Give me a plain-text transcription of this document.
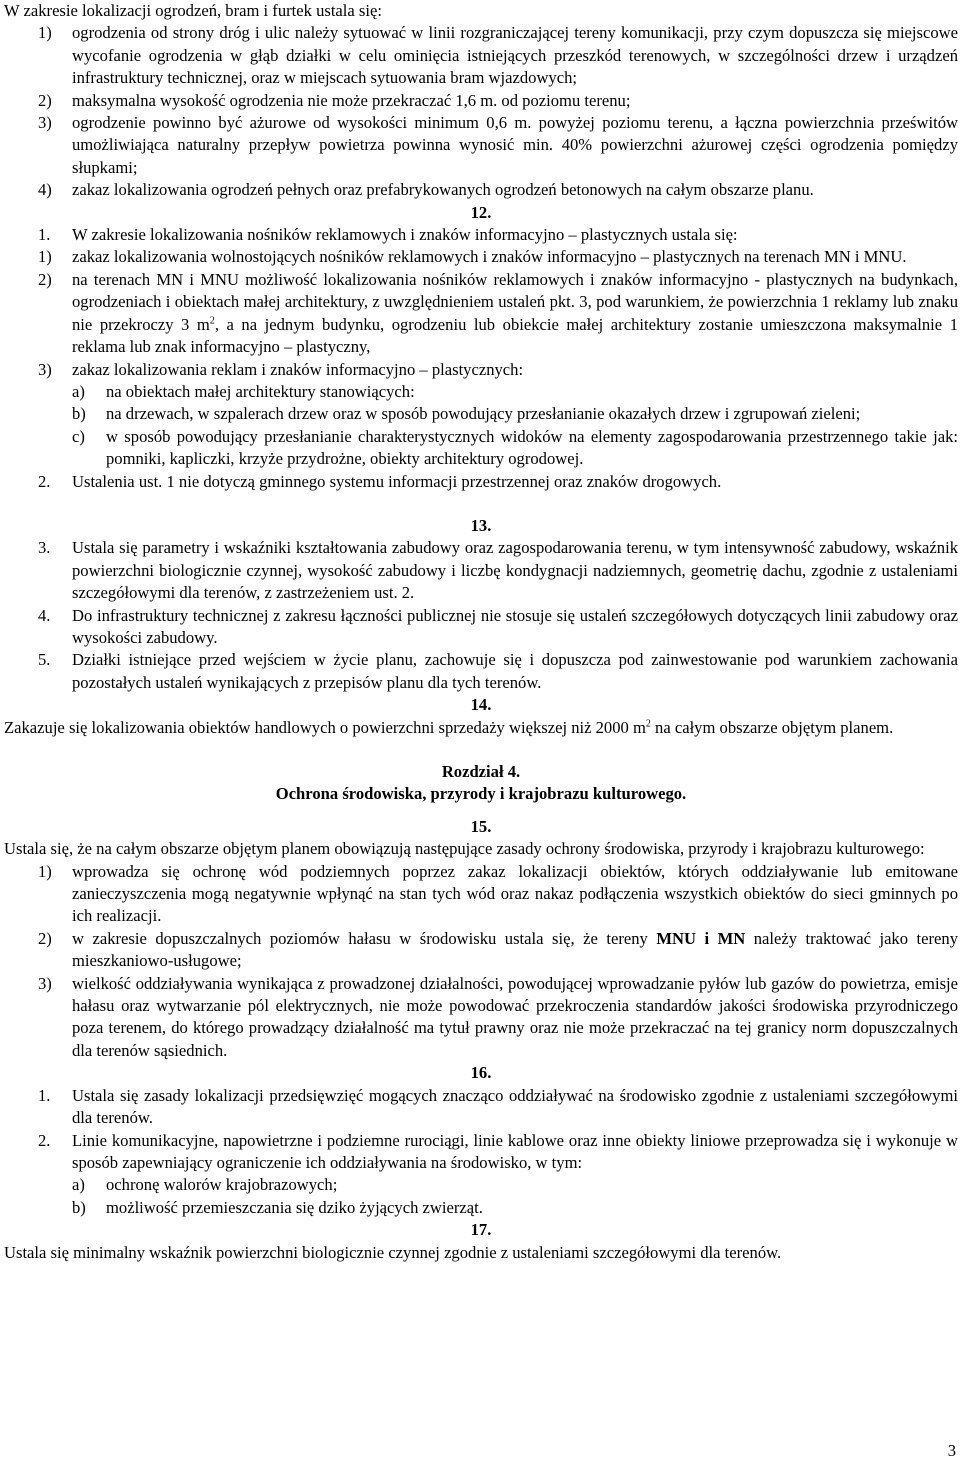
W zakresie lokalizacji ogrodzeń, bram i furtek ustala się:

1)	ogrodzenia od strony dróg i ulic należy sytuować w linii rozgraniczającej tereny komunikacji, przy czym dopuszcza się miejscowe wycofanie ogrodzenia w głąb działki w celu ominięcia istniejących przeszkód terenowych, w szczególności drzew i urządzeń infrastruktury technicznej, oraz w miejscach sytuowania bram wjazdowych;
2)	maksymalna wysokość ogrodzenia nie może przekraczać 1,6 m. od poziomu terenu;
3)	ogrodzenie powinno być ażurowe od wysokości minimum 0,6 m. powyżej poziomu terenu, a łączna powierzchnia prześwitów umożliwiająca naturalny przepływ powietrza powinna wynosić min. 40% powierzchni ażurowej części ogrodzenia pomiędzy słupkami;
4)	zakaz lokalizowania ogrodzeń pełnych oraz prefabrykowanych ogrodzeń betonowych na całym obszarze planu.

12.

1.	W zakresie lokalizowania nośników reklamowych i znaków informacyjno – plastycznych ustala się:
1)	zakaz lokalizowania wolnostojących nośników reklamowych i znaków informacyjno – plastycznych na terenach MN i MNU.
2)	na terenach MN i MNU możliwość lokalizowania nośników reklamowych i znaków informacyjno - plastycznych na budynkach, ogrodzeniach i obiektach małej architektury, z uwzględnieniem ustaleń pkt. 3, pod warunkiem, że powierzchnia 1 reklamy lub znaku nie przekroczy 3 $m^2$, a na jednym budynku, ogrodzeniu lub obiekcie małej architektury zostanie umieszczona maksymalnie 1 reklama lub znak informacyjno – plastyczny,
3)	zakaz lokalizowania reklam i znaków informacyjno – plastycznych:
a)	na obiektach małej architektury stanowiących:
b)	na drzewach, w szpalerach drzew oraz w sposób powodujący przesłanianie okazałych drzew i zgrupowań zieleni;
c)	w sposób powodujący przesłanianie charakterystycznych widoków na elementy zagospodarowania przestrzennego takie jak: pomniki, kapliczki, krzyże przydrożne, obiekty architektury ogrodowej.
2.	Ustalenia ust. 1 nie dotyczą gminnego systemu informacji przestrzennej oraz znaków drogowych.

13.

3.	Ustala się parametry i wskaźniki kształtowania zabudowy oraz zagospodarowania terenu, w tym intensywność zabudowy, wskaźnik powierzchni biologicznie czynnej, wysokość zabudowy i liczbę kondygnacji nadziemnych, geometrię dachu, zgodnie z ustaleniami szczegółowymi dla terenów, z zastrzeżeniem ust. 2.
4.	Do infrastruktury technicznej z zakresu łączności publicznej nie stosuje się ustaleń szczegółowych dotyczących linii zabudowy oraz wysokości zabudowy.
5.	Działki istniejące przed wejściem w życie planu, zachowuje się i dopuszcza pod zainwestowanie pod warunkiem zachowania pozostałych ustaleń wynikających z przepisów planu dla tych terenów.

14.

Zakazuje się lokalizowania obiektów handlowych o powierzchni sprzedaży większej niż 2000 $m^2$ na całym obszarze objętym planem.

Rozdział 4.

Ochrona środowiska, przyrody i krajobrazu kulturowego.

15.

Ustala się, że na całym obszarze objętym planem obowiązują następujące zasady ochrony środowiska, przyrody i krajobrazu kulturowego:

1)	wprowadza się ochronę wód podziemnych poprzez zakaz lokalizacji obiektów, których oddziaływanie lub emitowane zanieczyszczenia mogą negatywnie wpłynąć na stan tych wód oraz nakaz podłączenia wszystkich obiektów do sieci gminnych po ich realizacji.
2)	w zakresie dopuszczalnych poziomów hałasu w środowisku ustala się, że tereny MNU i MN należy traktować jako tereny mieszkaniowo-usługowe;
3)	wielkość oddziaływania wynikająca z prowadzonej działalności, powodującej wprowadzanie pyłów lub gazów do powietrza, emisje hałasu oraz wytwarzanie pól elektrycznych, nie może powodować przekroczenia standardów jakości środowiska przyrodniczego poza terenem, do którego prowadzący działalność ma tytuł prawny oraz nie może przekraczać na tej granicy norm dopuszczalnych dla terenów sąsiednich.

16.

1.	Ustala się zasady lokalizacji przedsięwzięć mogących znacząco oddziaływać na środowisko zgodnie z ustaleniami szczegółowymi dla terenów.
2.	Linie komunikacyjne, napowietrzne i podziemne rurociągi, linie kablowe oraz inne obiekty liniowe przeprowadza się i wykonuje w sposób zapewniający ograniczenie ich oddziaływania na środowisko, w tym:
a)	ochronę walorów krajobrazowych;
b)	możliwość przemieszczania się dziko żyjących zwierząt.

17.

Ustala się minimalny wskaźnik powierzchni biologicznie czynnej zgodnie z ustaleniami szczegółowymi dla terenów.

3
